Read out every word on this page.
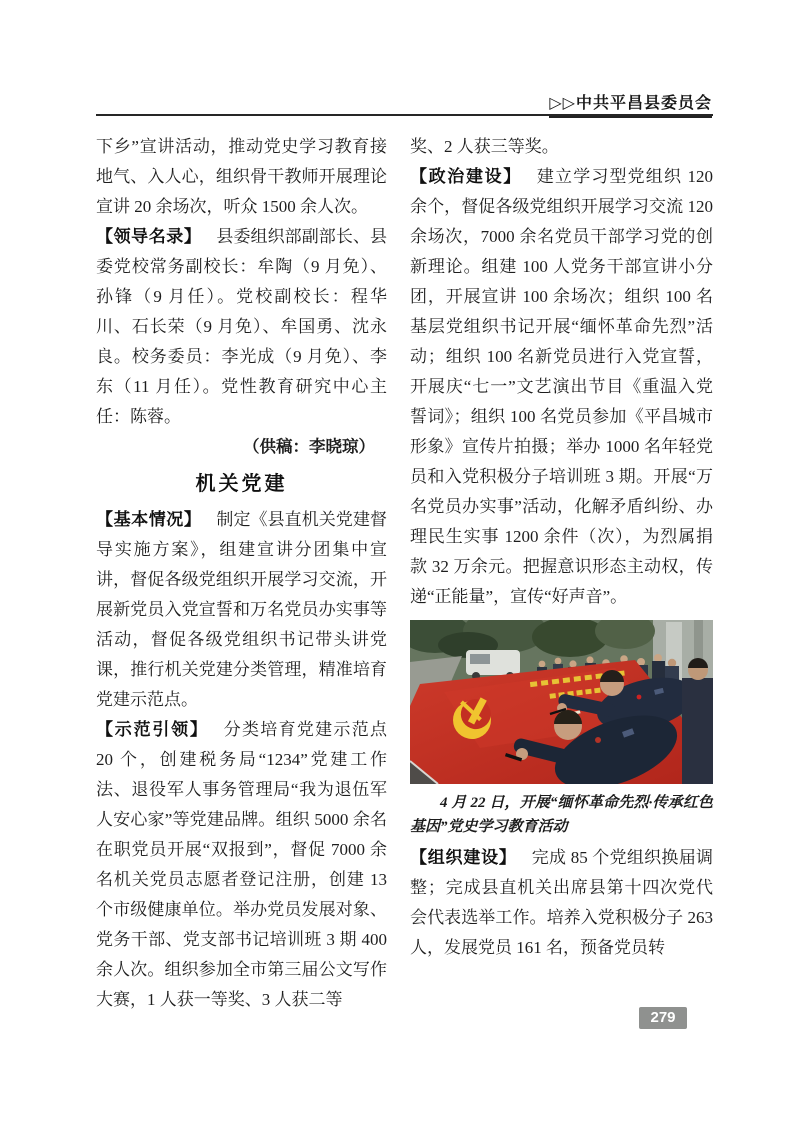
▷▷中共平昌县委员会

下乡”宣讲活动，推动党史学习教育接地气、入人心，组织骨干教师开展理论宣讲 20 余场次，听众 1500 余人次。

【领导名录】 县委组织部副部长、县委党校常务副校长：牟陶（9 月免）、孙锋（9 月任）。党校副校长：程华川、石长荣（9 月免）、牟国勇、沈永良。校务委员：李光成（9 月免）、李东（11 月任）。党性教育研究中心主任：陈蓉。

（供稿：李晓琼）

机关党建

【基本情况】 制定《县直机关党建督导实施方案》，组建宣讲分团集中宣讲，督促各级党组织开展学习交流，开展新党员入党宣誓和万名党员办实事等活动，督促各级党组织书记带头讲党课，推行机关党建分类管理，精准培育党建示范点。

【示范引领】 分类培育党建示范点 20 个，创建税务局“1234”党建工作法、退役军人事务管理局“我为退伍军人安心家”等党建品牌。组织 5000 余名在职党员开展“双报到”，督促 7000 余名机关党员志愿者登记注册，创建 13 个市级健康单位。举办党员发展对象、党务干部、党支部书记培训班 3 期 400 余人次。组织参加全市第三届公文写作大赛，1 人获一等奖、3 人获二等

奖、2 人获三等奖。

【政治建设】 建立学习型党组织 120 余个，督促各级党组织开展学习交流 120 余场次，7000 余名党员干部学习党的创新理论。组建 100 人党务干部宣讲小分团，开展宣讲 100 余场次；组织 100 名基层党组织书记开展“缅怀革命先烈”活动；组织 100 名新党员进行入党宣誓，开展庆“七一”文艺演出节目《重温入党誓词》；组织 100 名党员参加《平昌城市形象》宣传片拍摄；举办 1000 名年轻党员和入党积极分子培训班 3 期。开展“万名党员办实事”活动，化解矛盾纠纷、办理民生实事 1200 余件（次），为烈属捐款 32 万余元。把握意识形态主动权，传递“正能量”，宣传“好声音”。

4 月 22 日，开展“缅怀革命先烈·传承红色基因”党史学习教育活动

【组织建设】 完成 85 个党组织换届调整；完成县直机关出席县第十四次党代会代表选举工作。培养入党积极分子 263 人，发展党员 161 名，预备党员转

279
